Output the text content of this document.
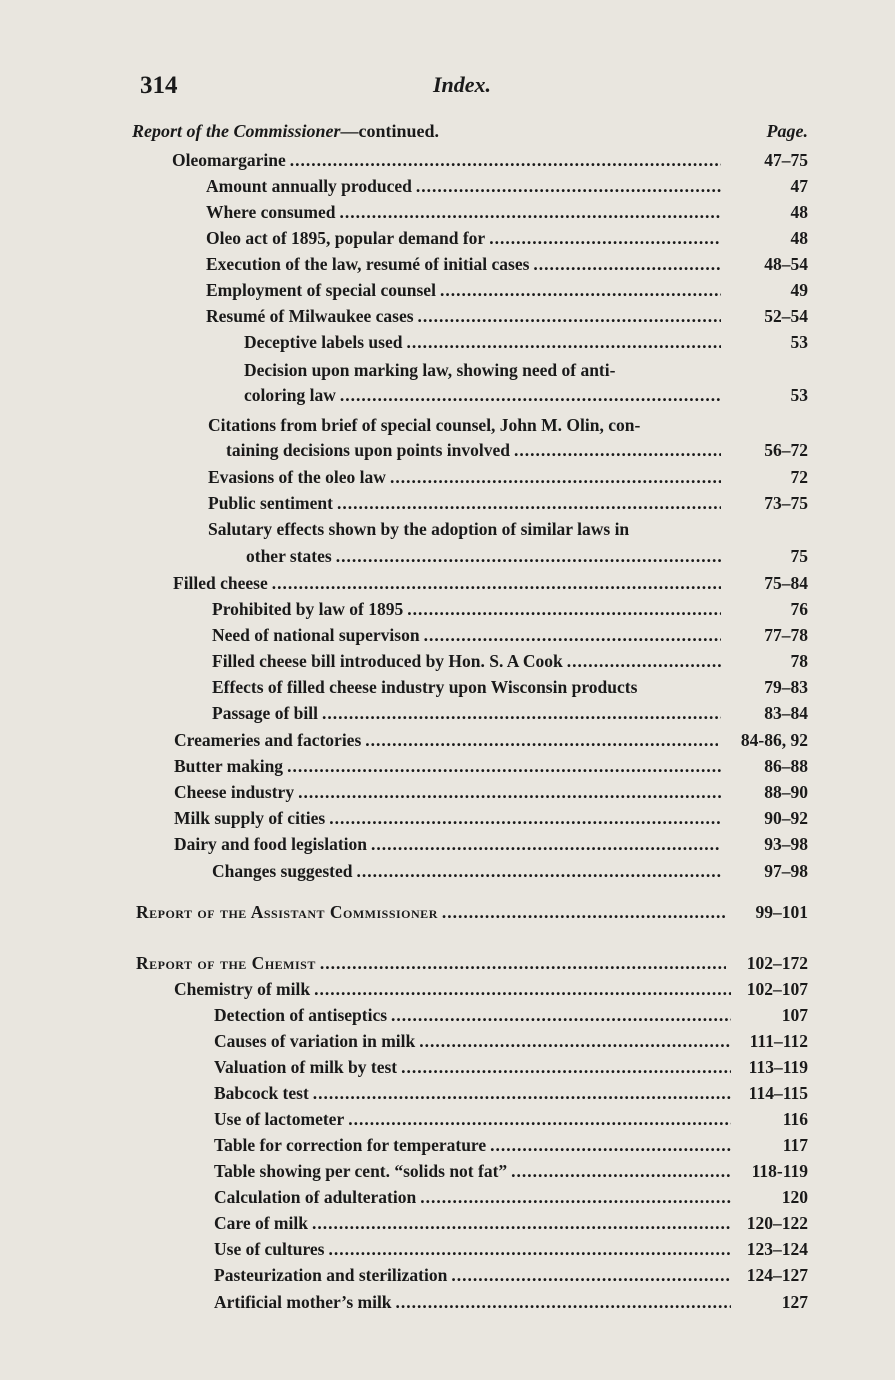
314	Index.
Report of the Commissioner—continued.	Page.
Oleomargarine .....	47–75
Amount annually produced .....	47
Where consumed .....	48
Oleo act of 1895, popular demand for .....	48
Execution of the law, resumé of initial cases .....	48–54
Employment of special counsel .....	49
Resumé of Milwaukee cases .....	52–54
Deceptive labels used .....	53
Decision upon marking law, showing need of anti-
coloring law .....	53
Citations from brief of special counsel, John M. Olin, con-
taining decisions upon points involved .....	56–72
Evasions of the oleo law .....	72
Public sentiment .....	73–75
Salutary effects shown by the adoption of similar laws in
other states .....	75
Filled cheese .....	75–84
Prohibited by law of 1895 .....	76
Need of national supervison .....	77–78
Filled cheese bill introduced by Hon. S. A Cook .....	78
Effects of filled cheese industry upon Wisconsin products	79–83
Passage of bill .....	83–84
Creameries and factories .....	84-86, 92
Butter making .....	86–88
Cheese industry .....	88–90
Milk supply of cities .....	90–92
Dairy and food legislation .....	93–98
Changes suggested .....	97–98
Report of the Assistant Commissioner .....	99–101
Report of the Chemist .....	102–172
Chemistry of milk .....	102–107
Detection of antiseptics .....	107
Causes of variation in milk .....	111–112
Valuation of milk by test .....	113–119
Babcock test .....	114–115
Use of lactometer .....	116
Table for correction for temperature .....	117
Table showing per cent. “solids not fat” .....	118-119
Calculation of adulteration .....	120
Care of milk .....	120–122
Use of cultures .....	123–124
Pasteurization and sterilization .....	124–127
Artificial mother’s milk .....	127
